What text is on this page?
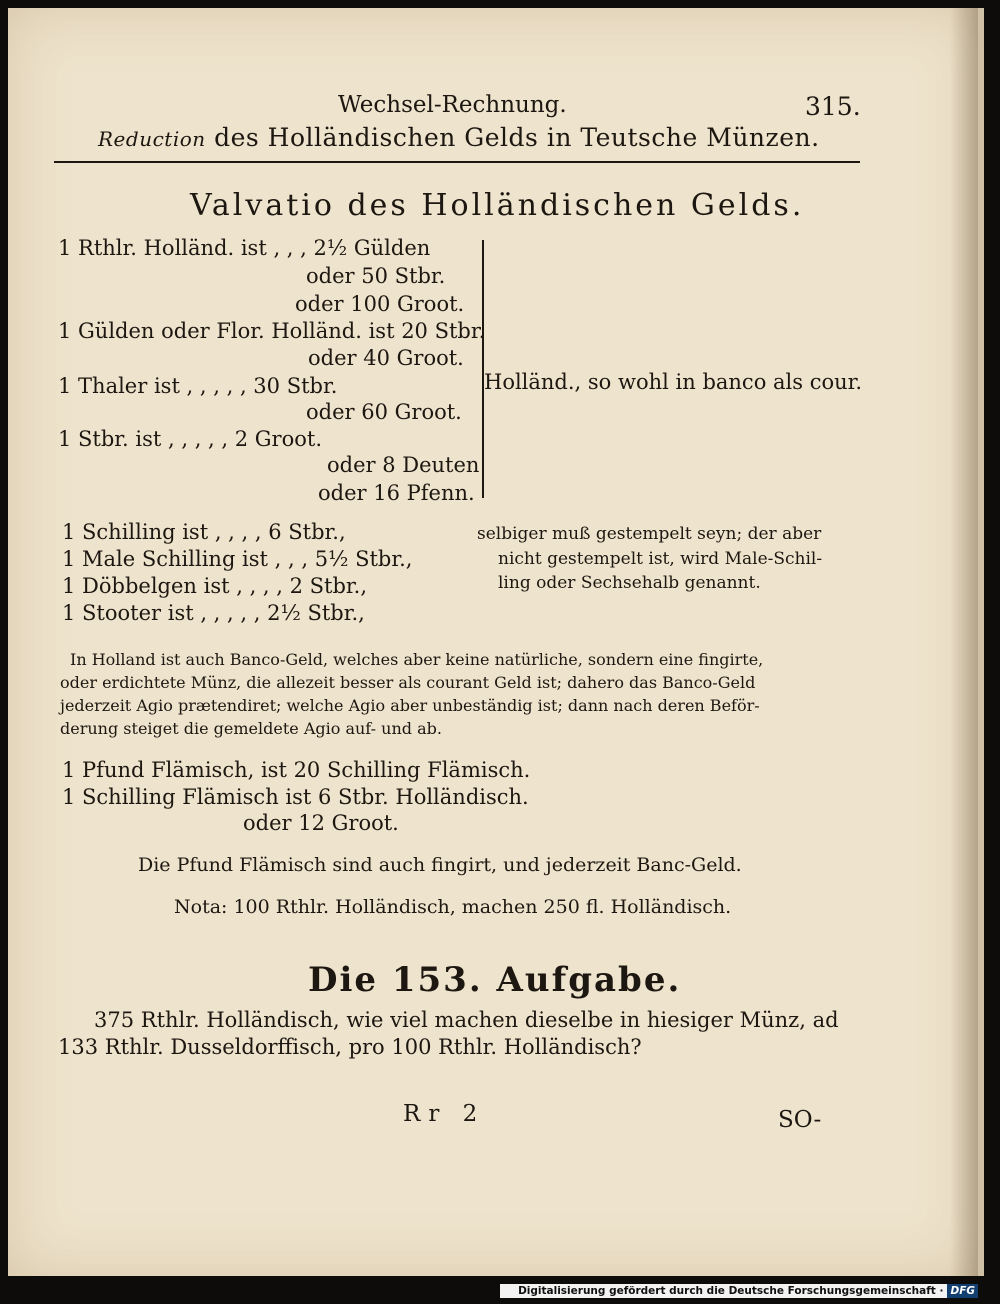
Wechsel-Rechnung.	315.
Reduction des Holländischen Gelds in Teutsche Münzen.
Valvatio des Holländischen Gelds.
1 Rthlr. Holländ. ist , , , 2½ Gülden
oder 50 Stbr.
oder 100 Groot.
1 Gülden oder Flor. Holländ. ist 20 Stbr.
oder 40 Groot.
1 Thaler ist , , , , , 30 Stbr.
oder 60 Groot.
1 Stbr. ist , , , , , 2 Groot.
oder 8 Deuten
oder 16 Pfenn.
Holländ., so wohl in banco als cour.
1 Schilling ist , , , , 6 Stbr.,
1 Male Schilling ist , , , 5½ Stbr.,
1 Döbbelgen ist , , , , 2 Stbr.,
1 Stooter ist , , , , , 2½ Stbr.,
selbiger muß gestempelt seyn; der aber
nicht gestempelt ist, wird Male-Schil-
ling oder Sechsehalb genannt.
In Holland ist auch Banco-Geld, welches aber keine natürliche, sondern eine fingirte,
oder erdichtete Münz, die allezeit besser als courant Geld ist; dahero das Banco-Geld
jederzeit Agio prætendiret; welche Agio aber unbeständig ist; dann nach deren Beför-
derung steiget die gemeldete Agio auf- und ab.
1 Pfund Flämisch, ist 20 Schilling Flämisch.
1 Schilling Flämisch ist 6 Stbr. Holländisch.
oder 12 Groot.
Die Pfund Flämisch sind auch fingirt, und jederzeit Banc-Geld.
Nota: 100 Rthlr. Holländisch, machen 250 fl. Holländisch.
Die 153. Aufgabe.
375 Rthlr. Holländisch, wie viel machen dieselbe in hiesiger Münz, ad
133 Rthlr. Dusseldorffisch, pro 100 Rthlr. Holländisch?
Rr 2	SO-
Digitalisierung gefördert durch die Deutsche Forschungsgemeinschaft · DFG
